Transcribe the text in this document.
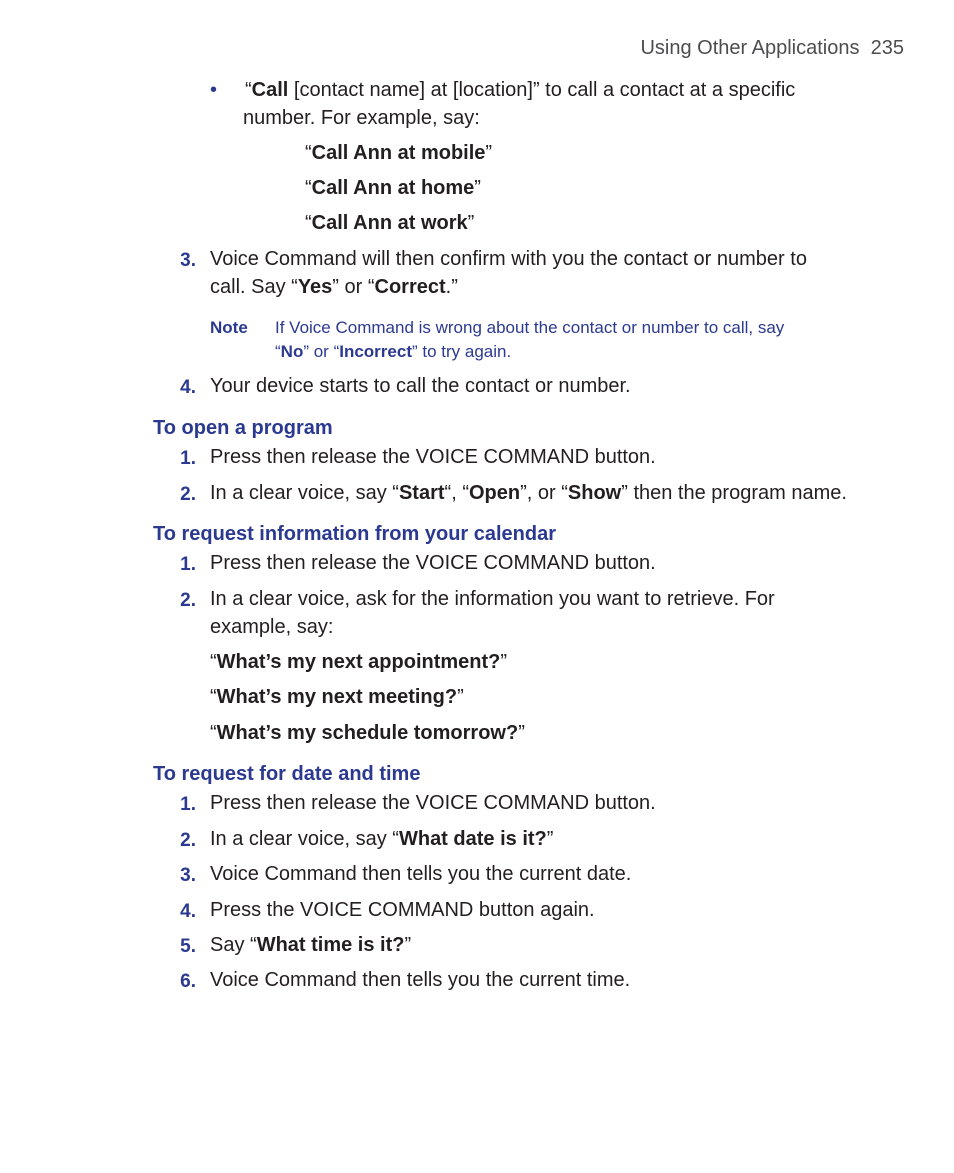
Using Other Applications 235
• “Call [contact name] at [location]” to call a contact at a specific
number. For example, say:
“Call Ann at mobile”
“Call Ann at home”
“Call Ann at work”
3. Voice Command will then confirm with you the contact or number to
call. Say “Yes” or “Correct.”
Note If Voice Command is wrong about the contact or number to call, say
“No” or “Incorrect” to try again.
4. Your device starts to call the contact or number.
To open a program
1. Press then release the VOICE COMMAND button.
2. In a clear voice, say “Start“, “Open”, or “Show” then the program name.
To request information from your calendar
1. Press then release the VOICE COMMAND button.
2. In a clear voice, ask for the information you want to retrieve. For
example, say:
“What’s my next appointment?”
“What’s my next meeting?”
“What’s my schedule tomorrow?”
To request for date and time
1. Press then release the VOICE COMMAND button.
2. In a clear voice, say “What date is it?”
3. Voice Command then tells you the current date.
4. Press the VOICE COMMAND button again.
5. Say “What time is it?”
6. Voice Command then tells you the current time.
